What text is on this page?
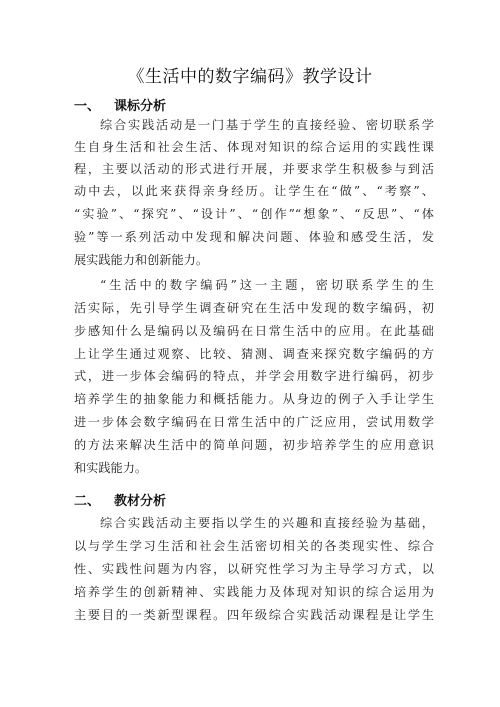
《生活中的数字编码》教学设计
一、 课标分析
综合实践活动是一门基于学生的直接经验、密切联系学
生自身生活和社会生活、体现对知识的综合运用的实践性课
程，主要以活动的形式进行开展，并要求学生积极参与到活
动中去，以此来获得亲身经历。让学生在“做”、“考察”、
“实验”、“探究”、“设计”、“创作”“想象”、“反思”、“体
验”等一系列活动中发现和解决问题、体验和感受生活，发
展实践能力和创新能力。
“生活中的数字编码”这一主题，密切联系学生的生
活实际，先引导学生调查研究在生活中发现的数字编码，初
步感知什么是编码以及编码在日常生活中的应用。在此基础
上让学生通过观察、比较、猜测、调查来探究数字编码的方
式，进一步体会编码的特点，并学会用数字进行编码，初步
培养学生的抽象能力和概括能力。从身边的例子入手让学生
进一步体会数字编码在日常生活中的广泛应用，尝试用数学
的方法来解决生活中的简单问题，初步培养学生的应用意识
和实践能力。
二、 教材分析
综合实践活动主要指以学生的兴趣和直接经验为基础，
以与学生学习生活和社会生活密切相关的各类现实性、综合
性、实践性问题为内容，以研究性学习为主导学习方式，以
培养学生的创新精神、实践能力及体现对知识的综合运用为
主要目的一类新型课程。四年级综合实践活动课程是让学生
